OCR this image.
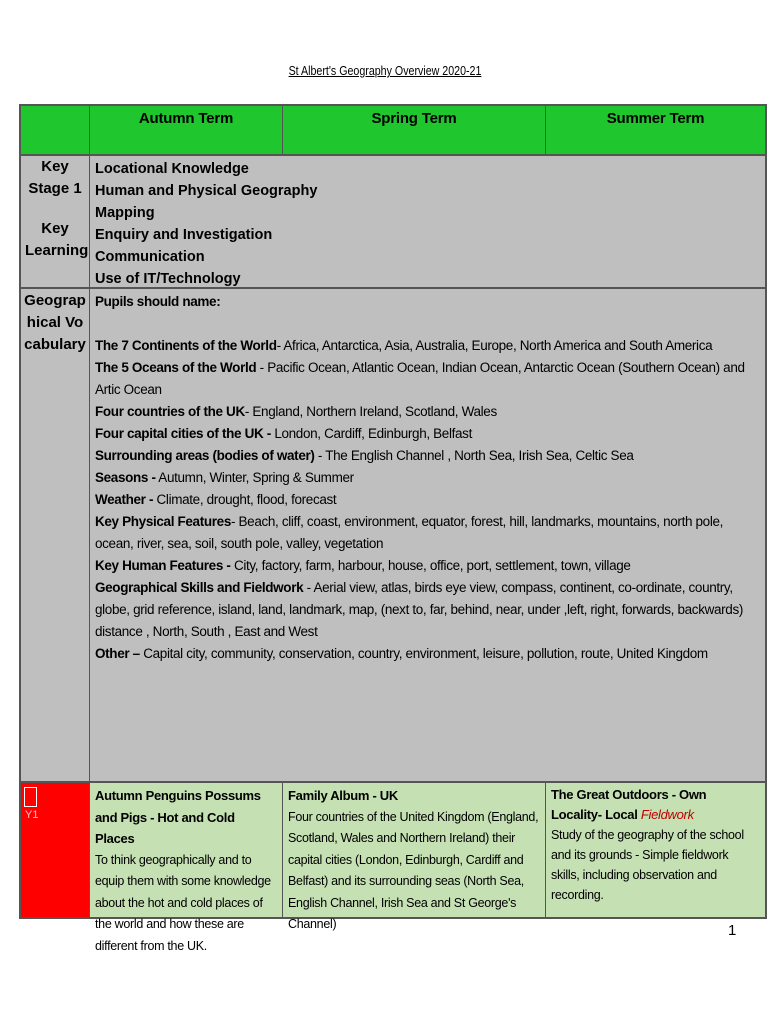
St Albert's Geography Overview 2020-21
Autumn Term	Spring Term	Summer Term
Key Stage 1
Key Learning
Locational Knowledge
Human and Physical Geography
Mapping
Enquiry and Investigation
Communication
Use of IT/Technology
Geographical Vocabulary

Pupils should name:

The 7 Continents of the World- Africa, Antarctica, Asia, Australia, Europe, North America and South America

The 5 Oceans of the World - Pacific Ocean, Atlantic Ocean, Indian Ocean, Antarctic Ocean (Southern Ocean) and Artic Ocean

Four countries of the UK- England, Northern Ireland, Scotland, Wales

Four capital cities of the UK - London, Cardiff, Edinburgh, Belfast

Surrounding areas (bodies of water) - The English Channel , North Sea, Irish Sea, Celtic Sea

Seasons - Autumn, Winter, Spring & Summer

Weather - Climate, drought, flood, forecast

Key Physical Features- Beach, cliff, coast, environment, equator, forest, hill, landmarks, mountains, north pole, ocean, river, sea, soil, south pole, valley, vegetation

Key Human Features - City, factory, farm, harbour, house, office, port, settlement, town, village

Geographical Skills and Fieldwork - Aerial view, atlas, birds eye view, compass, continent, co-ordinate, country, globe, grid reference, island, land, landmark, map, (next to, far, behind, near, under ,left, right, forwards, backwards) distance , North, South , East and West

Other – Capital city, community, conservation, country, environment, leisure, pollution, route, United Kingdom

Y1
Autumn Penguins Possums and Pigs - Hot and Cold Places
To think geographically and to equip them with some knowledge about the hot and cold places of the world and how these are different from the UK.
Family Album - UK
Four countries of the United Kingdom (England, Scotland, Wales and Northern Ireland) their capital cities (London, Edinburgh, Cardiff and Belfast) and its surrounding seas (North Sea, English Channel, Irish Sea and St George's Channel)
The Great Outdoors - Own Locality- Local Fieldwork
Study of the geography of the school and its grounds - Simple fieldwork skills, including observation and recording.
1
